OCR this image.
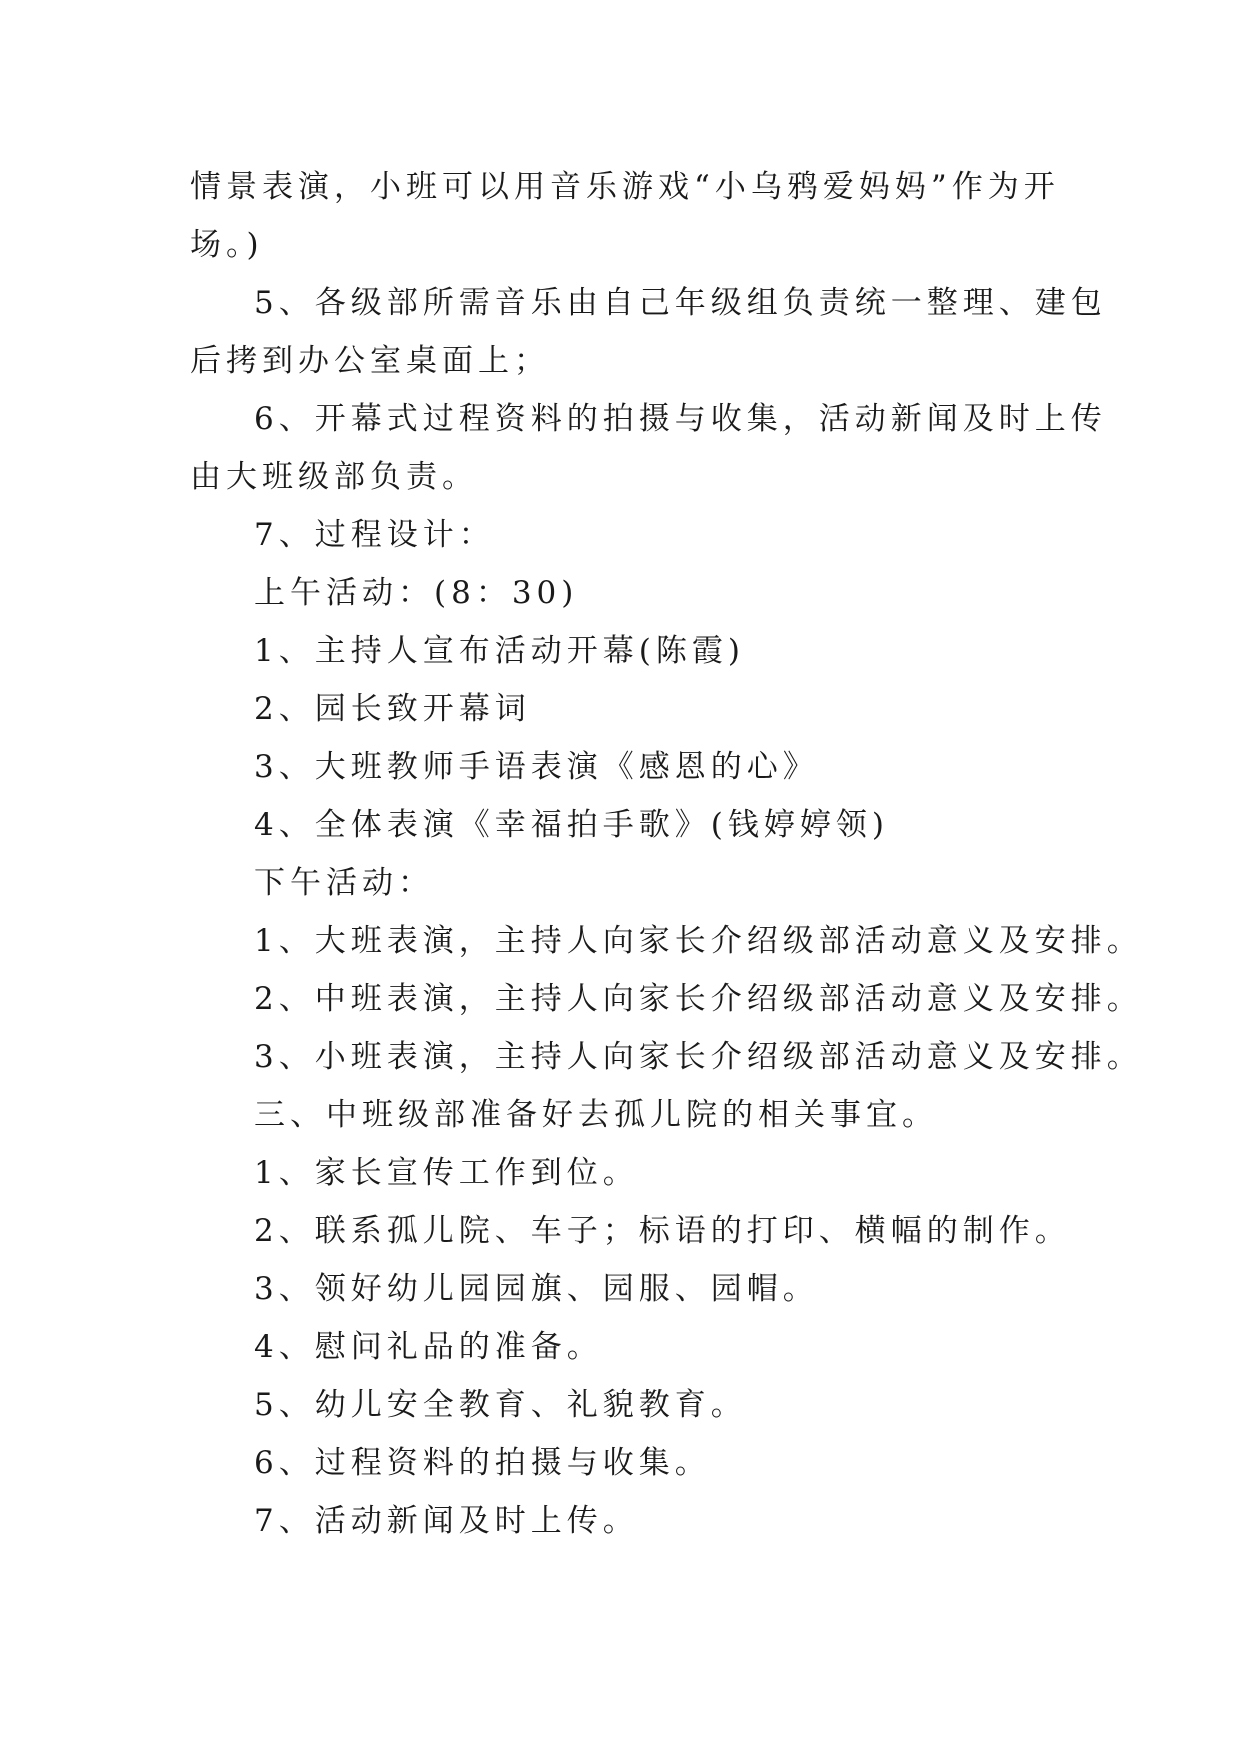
情景表演，小班可以用音乐游戏“小乌鸦爱妈妈”作为开

场。)

5、各级部所需音乐由自己年级组负责统一整理、建包

后拷到办公室桌面上；

6、开幕式过程资料的拍摄与收集，活动新闻及时上传

由大班级部负责。

7、过程设计：

上午活动：(8：30)

1、主持人宣布活动开幕(陈霞)

2、园长致开幕词

3、大班教师手语表演《感恩的心》

4、全体表演《幸福拍手歌》(钱婷婷领)

下午活动：

1、大班表演，主持人向家长介绍级部活动意义及安排。

2、中班表演，主持人向家长介绍级部活动意义及安排。

3、小班表演，主持人向家长介绍级部活动意义及安排。

三、中班级部准备好去孤儿院的相关事宜。

1、家长宣传工作到位。

2、联系孤儿院、车子；标语的打印、横幅的制作。

3、领好幼儿园园旗、园服、园帽。

4、慰问礼品的准备。

5、幼儿安全教育、礼貌教育。

6、过程资料的拍摄与收集。

7、活动新闻及时上传。
